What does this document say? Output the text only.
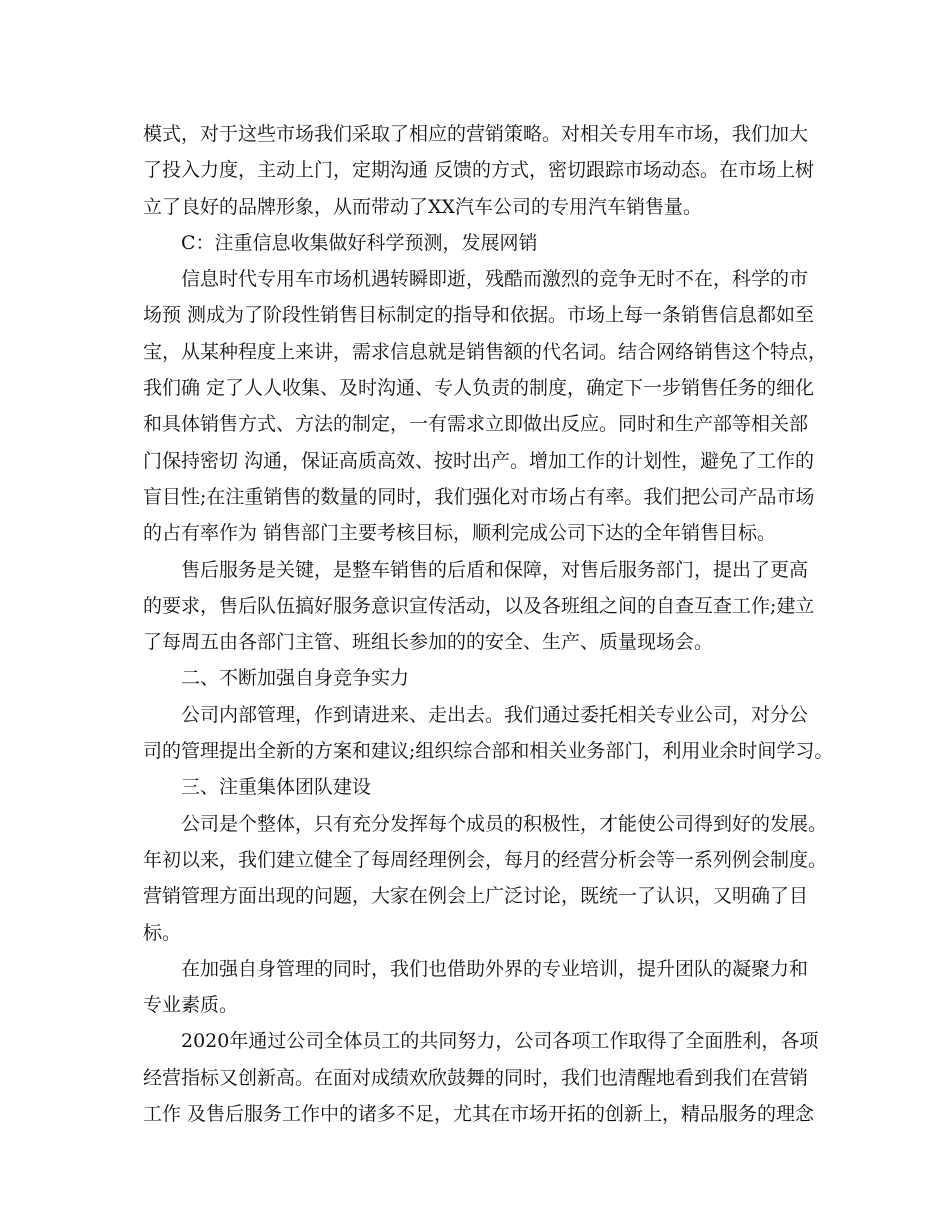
模式，对于这些市场我们采取了相应的营销策略。对相关专用车市场，我们加大
了投入力度，主动上门，定期沟通 反馈的方式，密切跟踪市场动态。在市场上树
立了良好的品牌形象，从而带动了XX汽车公司的专用汽车销售量。
C：注重信息收集做好科学预测，发展网销
信息时代专用车市场机遇转瞬即逝，残酷而激烈的竞争无时不在，科学的市
场预 测成为了阶段性销售目标制定的指导和依据。市场上每一条销售信息都如至
宝，从某种程度上来讲，需求信息就是销售额的代名词。结合网络销售这个特点，
我们确 定了人人收集、及时沟通、专人负责的制度，确定下一步销售任务的细化
和具体销售方式、方法的制定，一有需求立即做出反应。同时和生产部等相关部
门保持密切 沟通，保证高质高效、按时出产。增加工作的计划性，避免了工作的
盲目性;在注重销售的数量的同时，我们强化对市场占有率。我们把公司产品市场
的占有率作为 销售部门主要考核目标，顺利完成公司下达的全年销售目标。
售后服务是关键，是整车销售的后盾和保障，对售后服务部门，提出了更高
的要求，售后队伍搞好服务意识宣传活动，以及各班组之间的自查互查工作;建立
了每周五由各部门主管、班组长参加的的安全、生产、质量现场会。
二、不断加强自身竞争实力
公司内部管理，作到请进来、走出去。我们通过委托相关专业公司，对分公
司的管理提出全新的方案和建议;组织综合部和相关业务部门，利用业余时间学习。
三、注重集体团队建设
公司是个整体，只有充分发挥每个成员的积极性，才能使公司得到好的发展。
年初以来，我们建立健全了每周经理例会，每月的经营分析会等一系列例会制度。
营销管理方面出现的问题，大家在例会上广泛讨论，既统一了认识，又明确了目
标。
在加强自身管理的同时，我们也借助外界的专业培训，提升团队的凝聚力和
专业素质。
2020年通过公司全体员工的共同努力，公司各项工作取得了全面胜利，各项
经营指标又创新高。在面对成绩欢欣鼓舞的同时，我们也清醒地看到我们在营销
工作 及售后服务工作中的诸多不足，尤其在市场开拓的创新上，精品服务的理念
